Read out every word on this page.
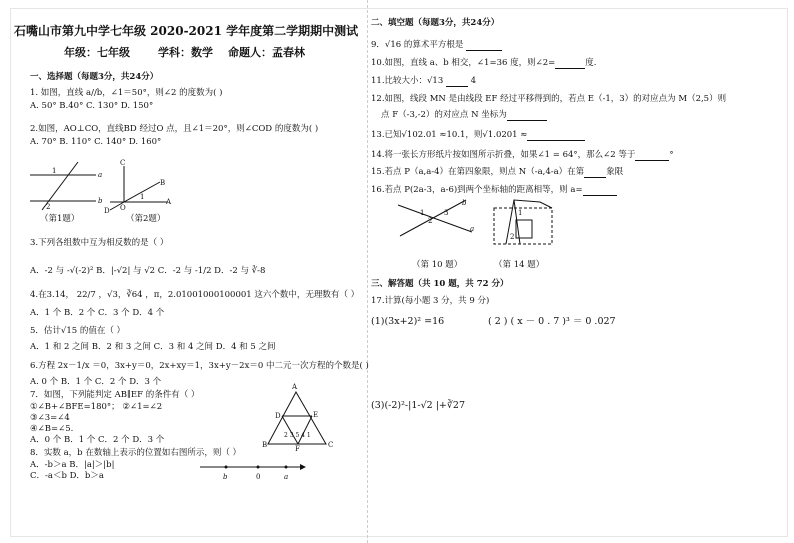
石嘴山市第九中学七年级 2020-2021 学年度第二学期期中测试
年级：七年级	学科：数学 命题人：孟春林
一、选择题（每题3分，共24分）
1. 如图，直线 a//b，∠1＝50°，则∠2 的度数为( )
A. 50° B.40° C. 130° D. 150°
2.如图，AO⊥CO，直线BD 经过O 点，且∠1＝20°，则∠COD 的度数为( )
A. 70° B. 110° C. 140° D. 160°
1
2
a
b
（第1题）
C
O
B
D
A
1
（第2题）
3.下列各组数中互为相反数的是（ ）
A．-2 与 -√(-2)² B．|-√2| 与 √2 C．-2 与 -1/2 D．-2 与 ∛-8
4.在3.14， 22/7 ，√3，∛64 ，π，2.01001000100001 这六个数中，无理数有（ ）
A．1 个 B．2 个 C．3 个 D．4 个
5．估计√15 的值在（ ）
A．1 和 2 之间 B．2 和 3 之间 C．3 和 4 之间 D．4 和 5 之间
6.方程 2x－1/x ＝0，3x+y＝0，2x+xy＝1，3x+y－2x＝0 中二元一次方程的个数是( )
A. 0 个 B．1 个 C．2 个 D．3 个
7．如图，下列能判定 AB∥EF 的条件有（ ）
①∠B+∠BFE=180°； ②∠1=∠2
③∠3=∠4
④∠B=∠5.
A．0 个 B．1 个 C．2 个 D．3 个
A
B	C
D	E
F
2 3 5 4 1
8．实数 a，b 在数轴上表示的位置如右图所示，则（ ）
A．-b＞a B．|a|＞|b|
C．-a＜b D．b＞a	b	0	a
二、填空题（每题3分，共24分）
9．√16 的算术平方根是
10.如图，直线 a、b 相交，∠1=36 度，则∠2=	度.
11.比较大小：√13	4
12.如图，线段 MN 是由线段 EF 经过平移得到的，若点 E（-1，3）的对应点为 M（2,5）则
点 F（-3,-2）的对应点 N 坐标为
13.已知√102.01 ≈10.1，则√1.0201 ≈
14.将一张长方形纸片按如图所示折叠，如果∠1 = 64°，那么∠2 等于	°
15.若点 P（a,a-4）在第四象限，则点 N（-a,4-a）在第	象限
16.若点 P(2a-3，a-6)到两个坐标轴的距离相等，则 a=
1
2
3
b
a
1
2
（第 10 题）	（第 14 题）
三、解答题（共 10 题，共 72 分）
17.计算(每小题 3 分，共 9 分)
(1)(3x+2)² =16	( 2 ) ( x － 0 . 7 )³ ＝ 0 .027
(3)(-2)²-|1-√2 |+∛27
